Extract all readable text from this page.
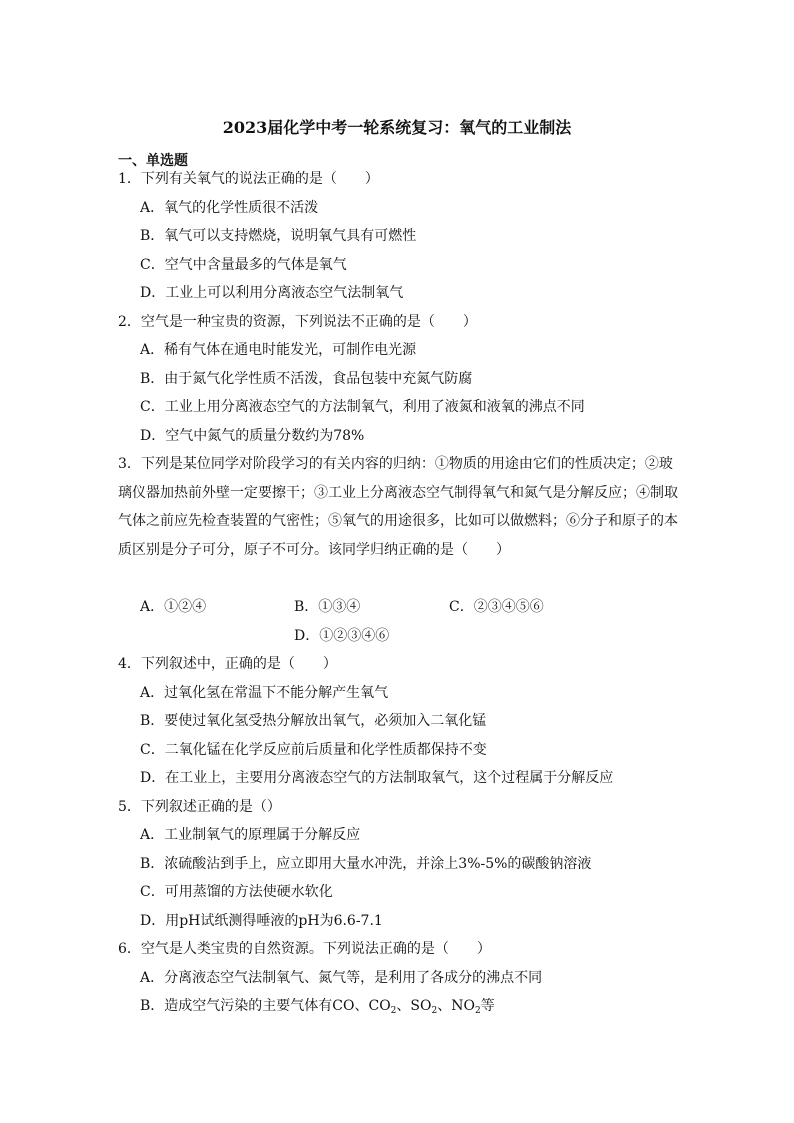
2023届化学中考一轮系统复习：氧气的工业制法
一、单选题
1．下列有关氧气的说法正确的是（　　）
A．氧气的化学性质很不活泼
B．氧气可以支持燃烧，说明氧气具有可燃性
C．空气中含量最多的气体是氧气
D．工业上可以利用分离液态空气法制氧气
2．空气是一种宝贵的资源，下列说法不正确的是（　　）
A．稀有气体在通电时能发光，可制作电光源
B．由于氮气化学性质不活泼，食品包装中充氮气防腐
C．工业上用分离液态空气的方法制氧气，利用了液氮和液氧的沸点不同
D．空气中氮气的质量分数约为78%
3．下列是某位同学对阶段学习的有关内容的归纳：①物质的用途由它们的性质决定；②玻璃仪器加热前外壁一定要擦干；③工业上分离液态空气制得氧气和氮气是分解反应；④制取气体之前应先检查装置的气密性；⑤氧气的用途很多，比如可以做燃料；⑥分子和原子的本质区别是分子可分，原子不可分。该同学归纳正确的是（　　）
A．①②④	B．①③④	C．②③④⑤⑥
D．①②③④⑥
4．下列叙述中，正确的是（　　）
A．过氧化氢在常温下不能分解产生氧气
B．要使过氧化氢受热分解放出氧气，必须加入二氧化锰
C．二氧化锰在化学反应前后质量和化学性质都保持不变
D．在工业上，主要用分离液态空气的方法制取氧气，这个过程属于分解反应
5．下列叙述正确的是（）
A．工业制氧气的原理属于分解反应
B．浓硫酸沾到手上，应立即用大量水冲洗，并涂上3%-5%的碳酸钠溶液
C．可用蒸馏的方法使硬水软化
D．用pH试纸测得唾液的pH为6.6-7.1
6．空气是人类宝贵的自然资源。下列说法正确的是（　　）
A．分离液态空气法制氧气、氮气等，是利用了各成分的沸点不同
B．造成空气污染的主要气体有CO、$CO_2$、$SO_2$、$NO_2$等
